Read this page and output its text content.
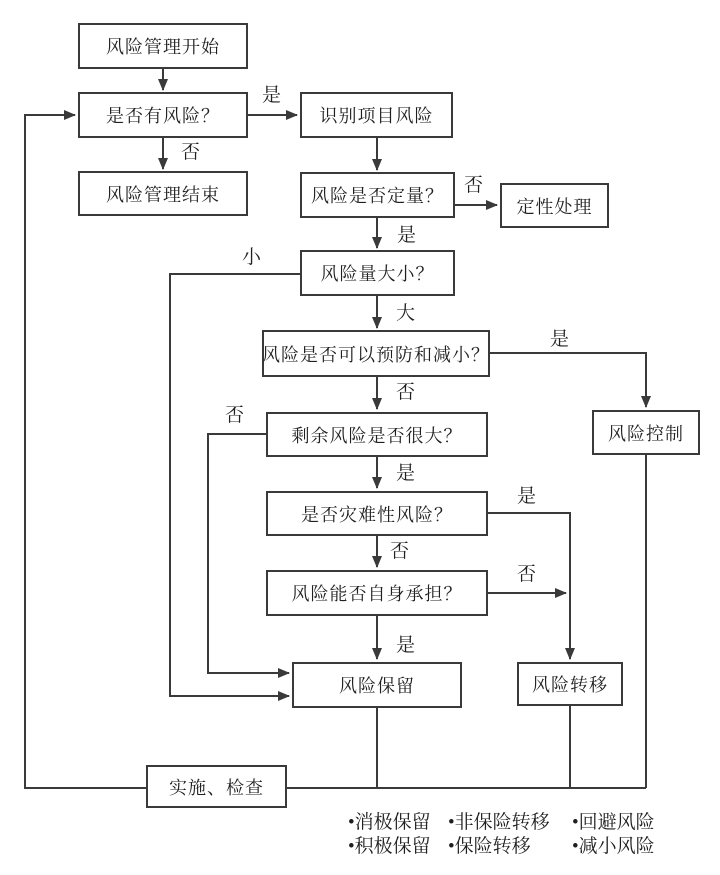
风险管理开始
是否有风险？	识别项目风险
风险管理结束	风险是否定量？
定性处理
风险量大小？
风险是否可以预防和减小？
风险控制
剩余风险是否很大？
是否灾难性风险？
风险能否自身承担？
风险保留	风险转移
实施、检查
是
否
否
是
小
大
是
否
否
是
是
否
否
是
•消极保留 •非保险转移 •回避风险
•积极保留 •保险转移 •减小风险
